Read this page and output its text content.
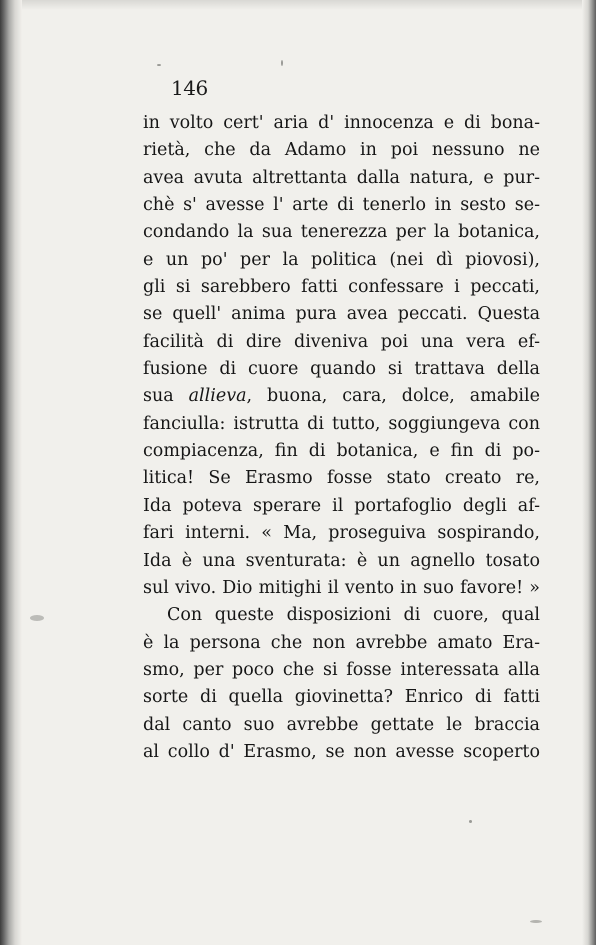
146
in volto cert' aria d' innocenza e di bona-
rietà, che da Adamo in poi nessuno ne
avea avuta altrettanta dalla natura, e pur-
chè s' avesse l' arte di tenerlo in sesto se-
condando la sua tenerezza per la botanica,
e un po' per la politica (nei dì piovosi),
gli si sarebbero fatti confessare i peccati,
se quell' anima pura avea peccati. Questa
facilità di dire diveniva poi una vera ef-
fusione di cuore quando si trattava della
sua allieva, buona, cara, dolce, amabile
fanciulla: istrutta di tutto, soggiungeva con
compiacenza, fin di botanica, e fin di po-
litica! Se Erasmo fosse stato creato re,
Ida poteva sperare il portafoglio degli af-
fari interni. « Ma, proseguiva sospirando,
Ida è una sventurata: è un agnello tosato
sul vivo. Dio mitighi il vento in suo favore! »
Con queste disposizioni di cuore, qual
è la persona che non avrebbe amato Era-
smo, per poco che si fosse interessata alla
sorte di quella giovinetta? Enrico di fatti
dal canto suo avrebbe gettate le braccia
al collo d' Erasmo, se non avesse scoperto
